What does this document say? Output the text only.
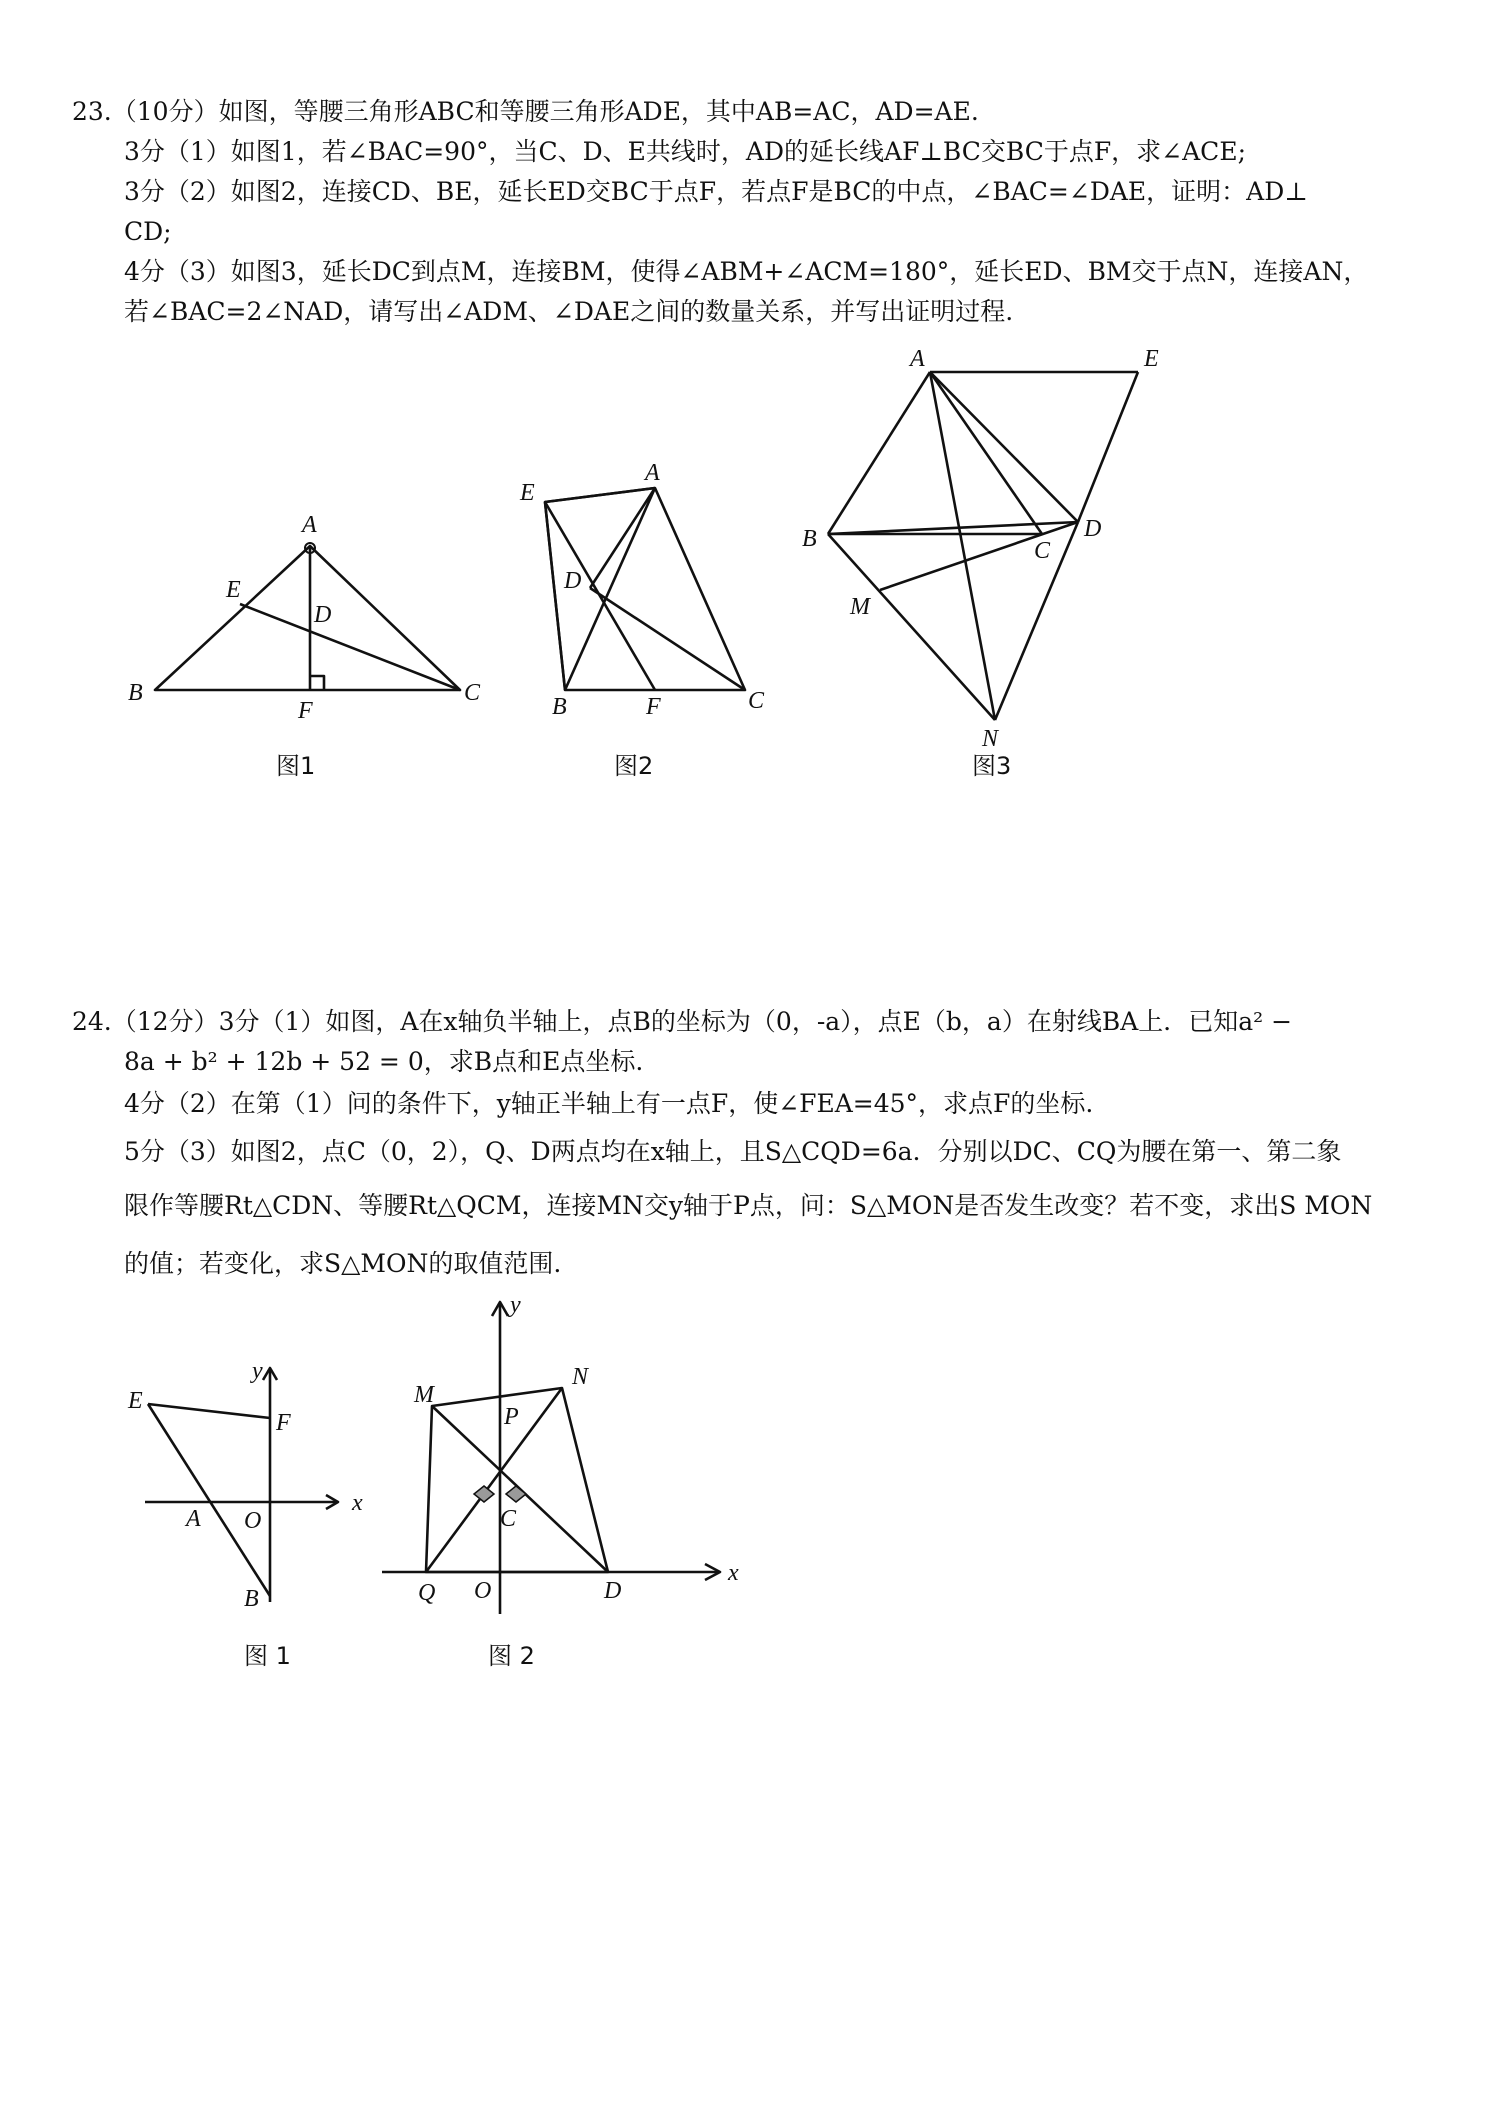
23.（10分）如图，等腰三角形ABC和等腰三角形ADE，其中AB=AC，AD=AE.
3分（1）如图1，若∠BAC=90°，当C、D、E共线时，AD的延长线AF⊥BC交BC于点F，求∠ACE;
3分（2）如图2，连接CD、BE，延长ED交BC于点F，若点F是BC的中点，∠BAC=∠DAE，证明：AD⊥
CD;
4分（3）如图3，延长DC到点M，连接BM，使得∠ABM+∠ACM=180°，延长ED、BM交于点N，连接AN，
若∠BAC=2∠NAD，请写出∠ADM、∠DAE之间的数量关系，并写出证明过程.
A
E
D
B
F
C
图1
E
A
D
B	F	C
图2
A	E
B	C
D
M
N
图3
24.（12分）3分（1）如图，A在x轴负半轴上，点B的坐标为（0，-a），点E（b，a）在射线BA上．已知a² −
8a + b² + 12b + 52 = 0，求B点和E点坐标.
4分（2）在第（1）问的条件下，y轴正半轴上有一点F，使∠FEA=45°，求点F的坐标.
5分（3）如图2，点C（0，2），Q、D两点均在x轴上，且S△CQD=6a．分别以DC、CQ为腰在第一、第二象
限作等腰Rt△CDN、等腰Rt△QCM，连接MN交y轴于P点，问：S△MON是否发生改变？若不变，求出S MON
的值；若变化，求S△MON的取值范围.
E
F
y
x
A O
B
图 1
y
x
M
N
P
C
Q O	D
图 2
